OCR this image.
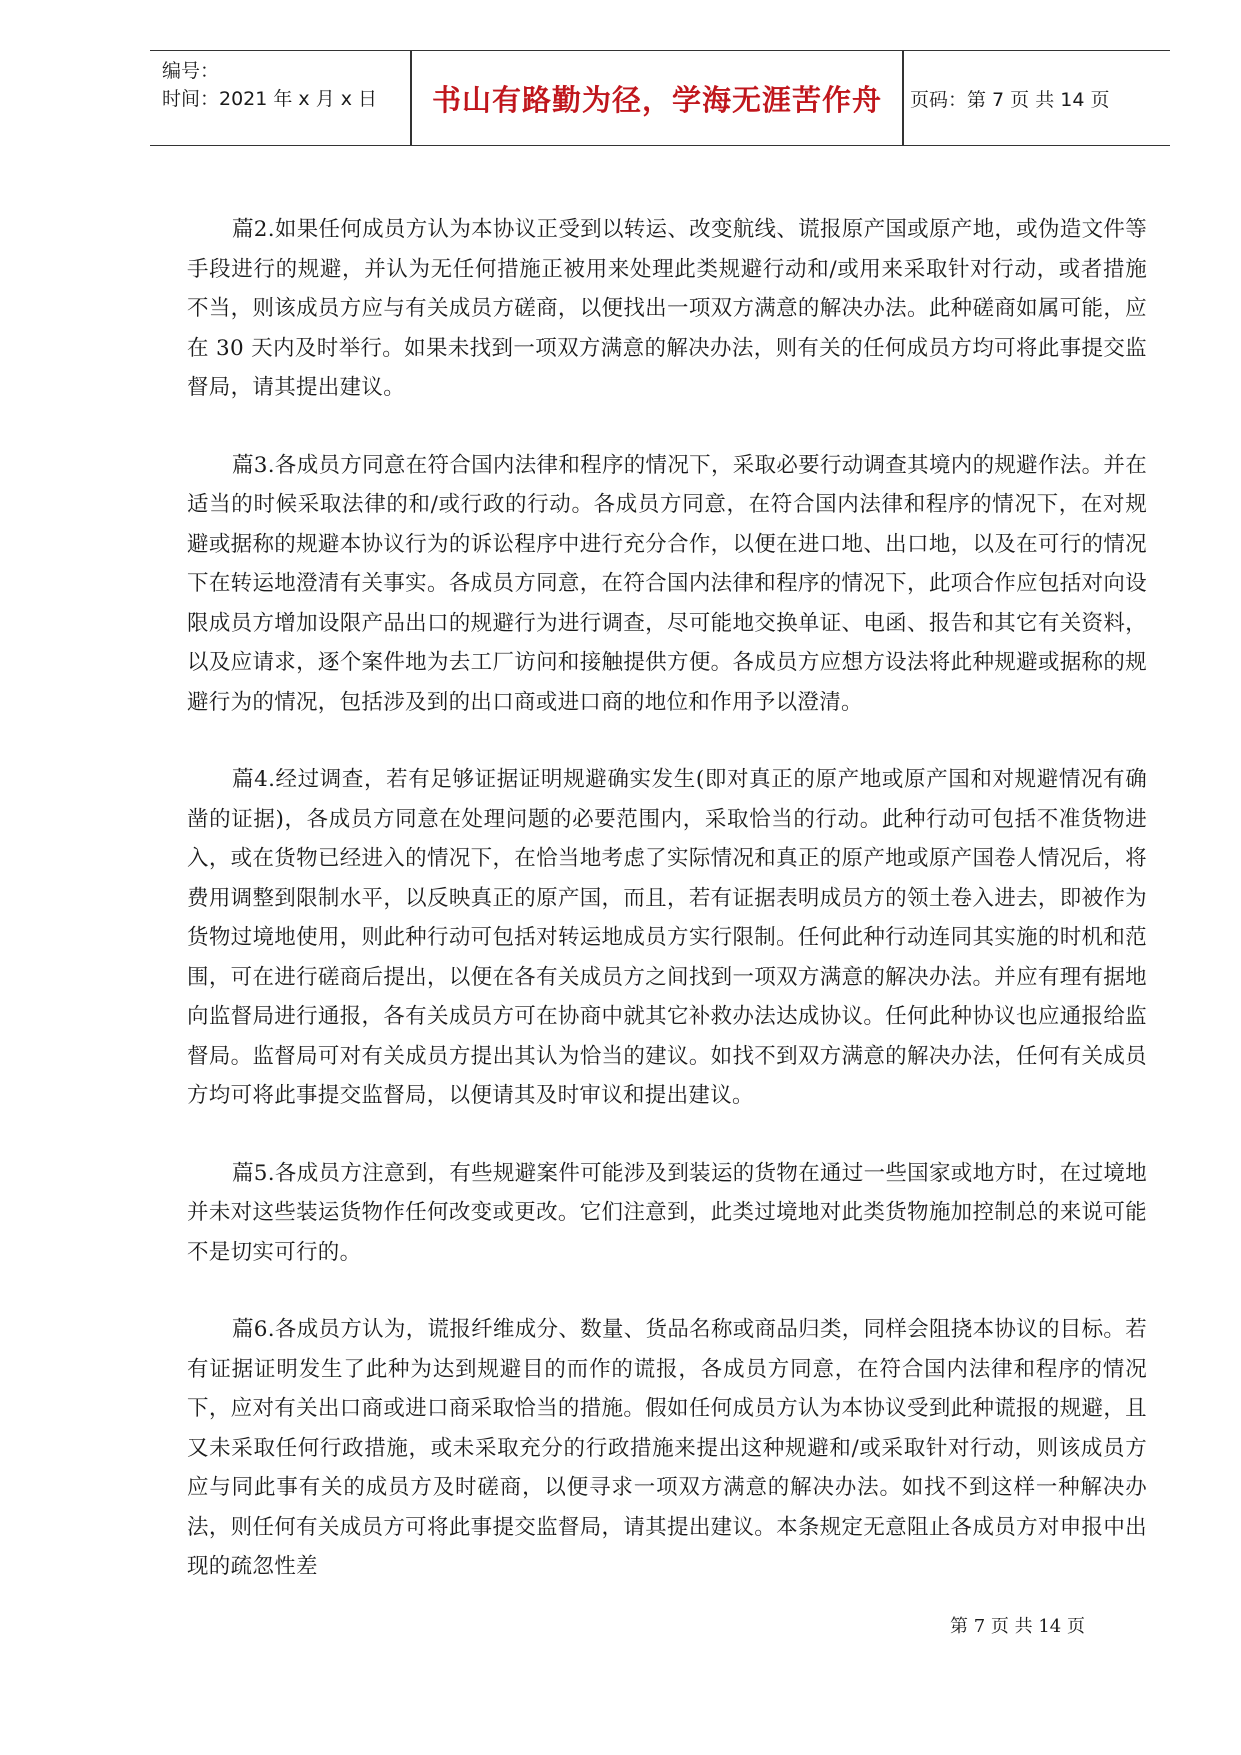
编号：
时间：2021 年 x 月 x 日	书山有路勤为径，学海无涯苦作舟	页码：第 7 页 共 14 页

萹2.如果任何成员方认为本协议正受到以转运、改变航线、谎报原产国或原产地，或伪造文件等手段进行的规避，并认为无任何措施正被用来处理此类规避行动和/或用来采取针对行动，或者措施不当，则该成员方应与有关成员方磋商，以便找出一项双方满意的解决办法。此种磋商如属可能，应在 30 天内及时举行。如果未找到一项双方满意的解决办法，则有关的任何成员方均可将此事提交监督局，请其提出建议。

萹3.各成员方同意在符合国内法律和程序的情况下，采取必要行动调查其境内的规避作法。并在适当的时候采取法律的和/或行政的行动。各成员方同意，在符合国内法律和程序的情况下，在对规避或据称的规避本协议行为的诉讼程序中进行充分合作，以便在进口地、出口地，以及在可行的情况下在转运地澄清有关事实。各成员方同意，在符合国内法律和程序的情况下，此项合作应包括对向设限成员方增加设限产品出口的规避行为进行调查，尽可能地交换单证、电函、报告和其它有关资料，以及应请求，逐个案件地为去工厂访问和接触提供方便。各成员方应想方设法将此种规避或据称的规避行为的情况，包括涉及到的出口商或进口商的地位和作用予以澄清。

萹4.经过调查，若有足够证据证明规避确实发生(即对真正的原产地或原产国和对规避情况有确凿的证据)，各成员方同意在处理问题的必要范围内，采取恰当的行动。此种行动可包括不准货物进入，或在货物已经进入的情况下，在恰当地考虑了实际情况和真正的原产地或原产国卷人情况后，将费用调整到限制水平，以反映真正的原产国，而且，若有证据表明成员方的领土卷入进去，即被作为货物过境地使用，则此种行动可包括对转运地成员方实行限制。任何此种行动连同其实施的时机和范围，可在进行磋商后提出，以便在各有关成员方之间找到一项双方满意的解决办法。并应有理有据地向监督局进行通报，各有关成员方可在协商中就其它补救办法达成协议。任何此种协议也应通报给监督局。监督局可对有关成员方提出其认为恰当的建议。如找不到双方满意的解决办法，任何有关成员方均可将此事提交监督局，以便请其及时审议和提出建议。

萹5.各成员方注意到，有些规避案件可能涉及到装运的货物在通过一些国家或地方时，在过境地并未对这些装运货物作任何改变或更改。它们注意到，此类过境地对此类货物施加控制总的来说可能不是切实可行的。

萹6.各成员方认为，谎报纤维成分、数量、货品名称或商品归类，同样会阻挠本协议的目标。若有证据证明发生了此种为达到规避目的而作的谎报，各成员方同意，在符合国内法律和程序的情况下，应对有关出口商或进口商采取恰当的措施。假如任何成员方认为本协议受到此种谎报的规避，且又未采取任何行政措施，或未采取充分的行政措施来提出这种规避和/或采取针对行动，则该成员方应与同此事有关的成员方及时磋商，以便寻求一项双方满意的解决办法。如找不到这样一种解决办法，则任何有关成员方可将此事提交监督局，请其提出建议。本条规定无意阻止各成员方对申报中出现的疏忽性差

第 7 页 共 14 页
